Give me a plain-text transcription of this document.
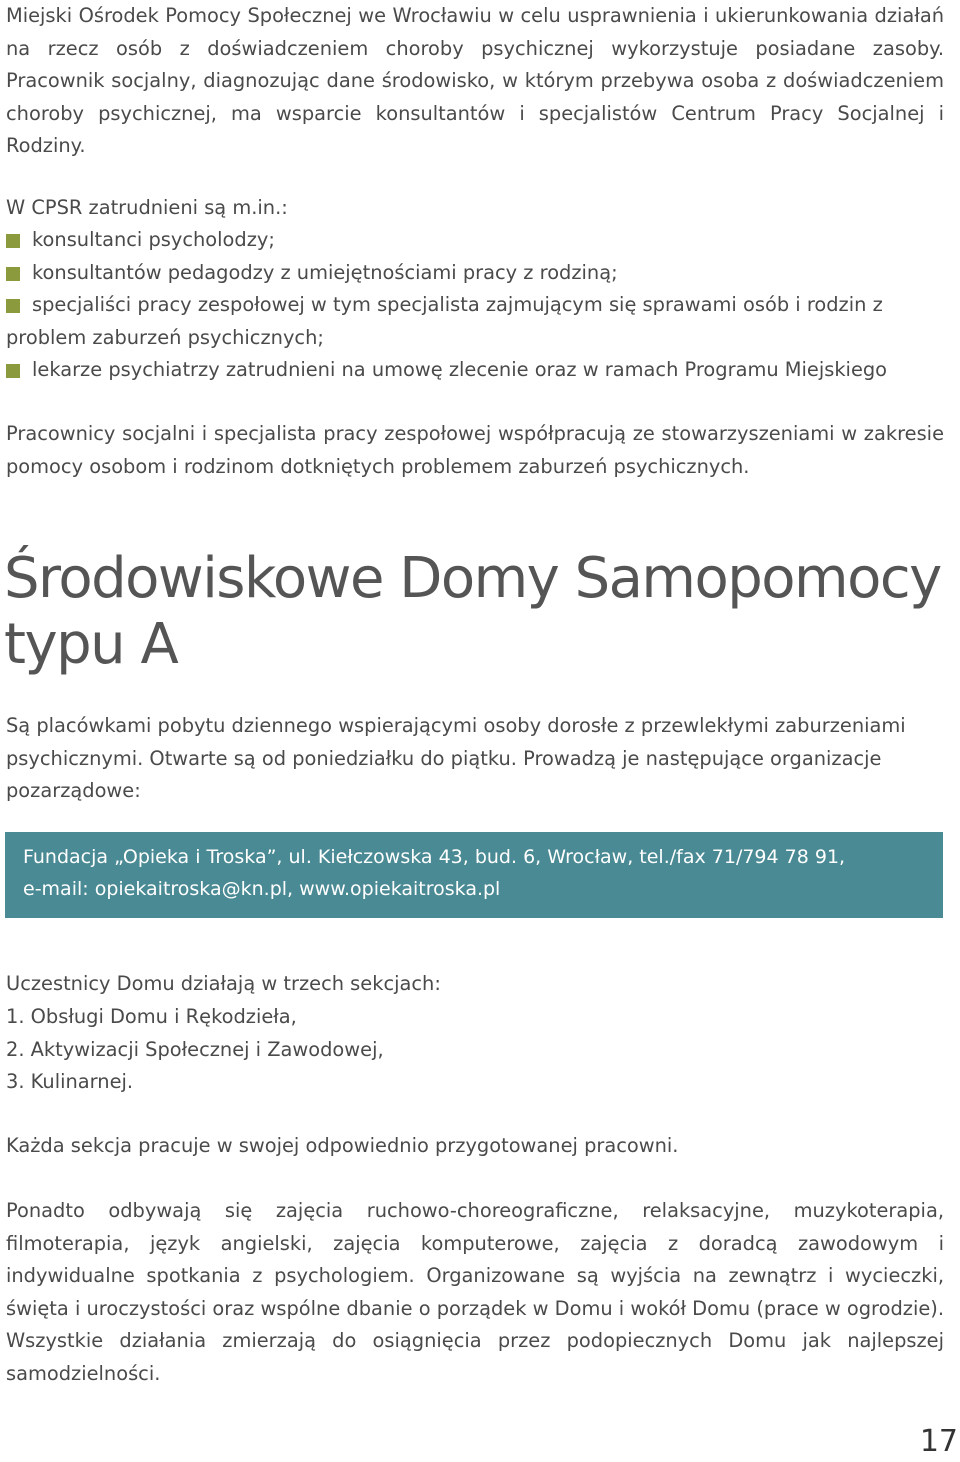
Miejski Ośrodek Pomocy Społecznej we Wrocławiu w celu usprawnienia i ukierunkowania działań na rzecz osób z doświadczeniem choroby psychicznej wykorzystuje posiadane zasoby. Pracownik socjalny, diagnozując dane środowisko, w którym przebywa osoba z doświadczeniem choroby psychicznej, ma wsparcie konsultantów i specjalistów Centrum Pracy Socjalnej i Rodziny.

W CPSR zatrudnieni są m.in.:

konsultanci psycholodzy;
konsultantów pedagodzy z umiejętnościami pracy z rodziną;
specjaliści pracy zespołowej w tym specjalista zajmującym się sprawami osób i rodzin z problem zaburzeń psychicznych;
lekarze psychiatrzy zatrudnieni na umowę zlecenie oraz w ramach Programu Miejskiego

Pracownicy socjalni i specjalista pracy zespołowej współpracują ze stowarzyszeniami w zakresie pomocy osobom i rodzinom dotkniętych problemem zaburzeń psychicznych.

Środowiskowe Domy Samopomocy
typu A

Są placówkami pobytu dziennego wspierającymi osoby dorosłe z przewlekłymi zaburzeniami psychicznymi. Otwarte są od poniedziałku do piątku. Prowadzą je następujące organizacje pozarządowe:

Fundacja „Opieka i Troska”, ul. Kiełczowska 43, bud. 6, Wrocław, tel./fax 71/794 78 91,
e-mail: opiekaitroska@kn.pl, www.opiekaitroska.pl

Uczestnicy Domu działają w trzech sekcjach:

1. Obsługi Domu i Rękodzieła,
2. Aktywizacji Społecznej i Zawodowej,
3. Kulinarnej.

Każda sekcja pracuje w swojej odpowiednio przygotowanej pracowni.

Ponadto odbywają się zajęcia ruchowo-choreograficzne, relaksacyjne, muzykoterapia, filmoterapia, język angielski, zajęcia komputerowe, zajęcia z doradcą zawodowym i indywidualne spotkania z psychologiem. Organizowane są wyjścia na zewnątrz i wycieczki, święta i uroczystości oraz wspólne dbanie o porządek w Domu i wokół Domu (prace w ogrodzie). Wszystkie działania zmierzają do osiągnięcia przez podopiecznych Domu jak najlepszej samodzielności.

17
